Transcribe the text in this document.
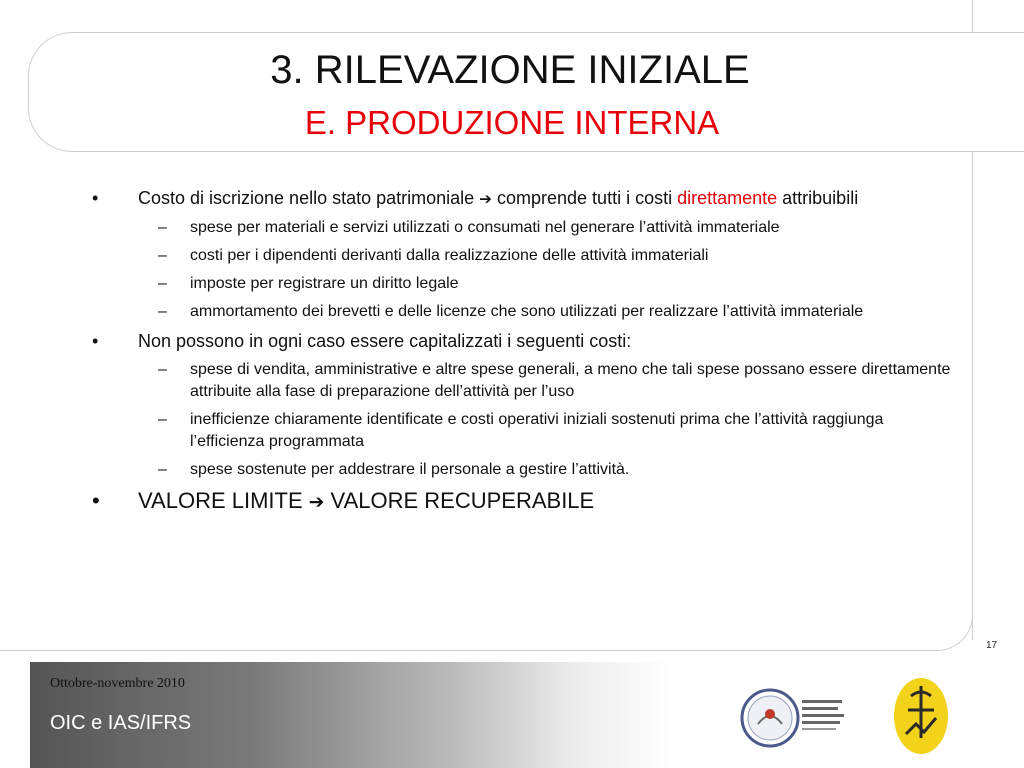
3. RILEVAZIONE INIZIALE
E. PRODUZIONE INTERNA
• Costo di iscrizione nello stato patrimoniale ➔ comprende tutti i costi direttamente attribuibili
– spese per materiali e servizi utilizzati o consumati nel generare l’attività immateriale
– costi per i dipendenti derivanti dalla realizzazione delle attività immateriali
– imposte per registrare un diritto legale
– ammortamento dei brevetti e delle licenze che sono utilizzati per realizzare l’attività immateriale
• Non possono in ogni caso essere capitalizzati i seguenti costi:
– spese di vendita, amministrative e altre spese generali, a meno che tali spese possano essere direttamente attribuite alla fase di preparazione dell’attività per l’uso
– inefficienze chiaramente identificate e costi operativi iniziali sostenuti prima che l’attività raggiunga l’efficienza programmata
– spese sostenute per addestrare il personale a gestire l’attività.
• VALORE LIMITE ➔ VALORE RECUPERABILE
17
Ottobre-novembre 2010
OIC e IAS/IFRS
